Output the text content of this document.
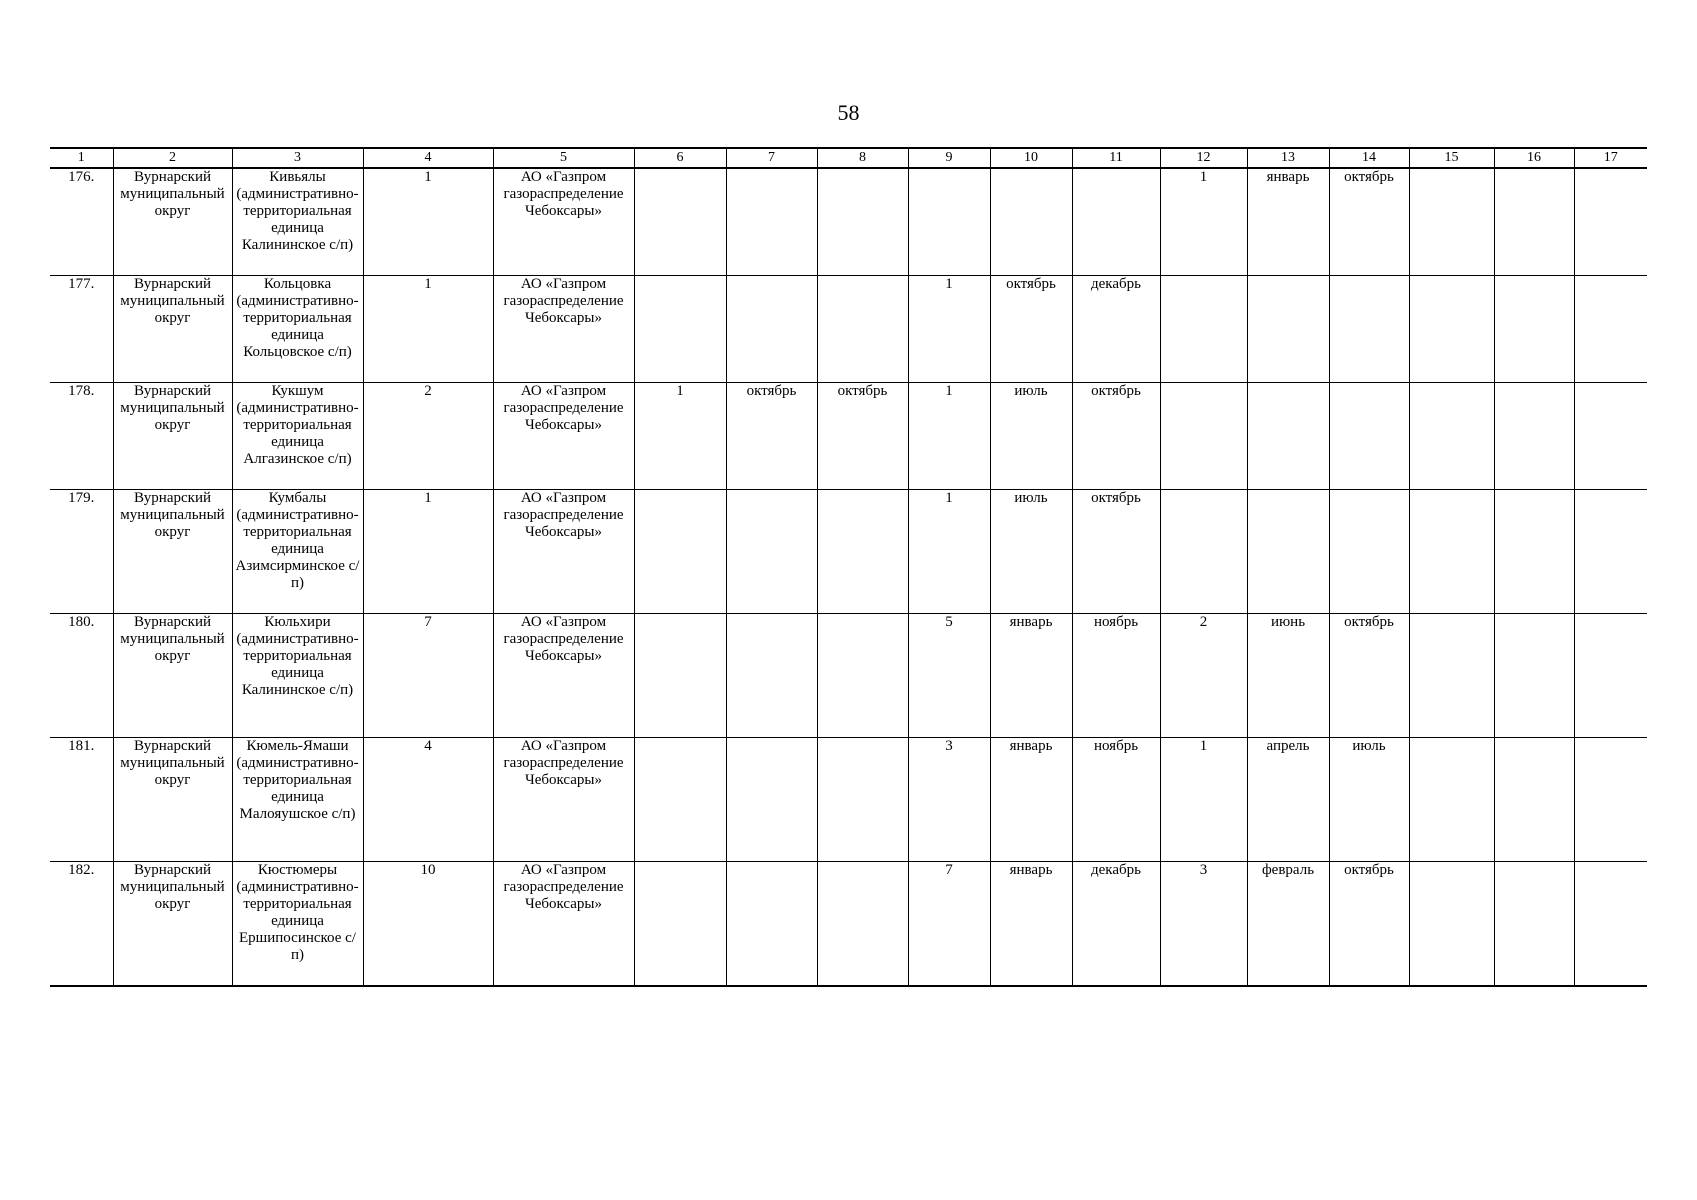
58
1	2	3	4	5	6	7	8	9	10	11	12	13	14	15	16	17
176.	Вурнарский муниципальный округ	Кивьялы (административно-территориальная единица Калининское с/п)	1	АО «Газпром газораспределение Чебоксары»							1	январь	октябрь			
177.	Вурнарский муниципальный округ	Кольцовка (административно-территориальная единица Кольцовское с/п)	1	АО «Газпром газораспределение Чебоксары»				1	октябрь	декабрь						
178.	Вурнарский муниципальный округ	Кукшум (административно-территориальная единица Алгазинское с/п)	2	АО «Газпром газораспределение Чебоксары»	1	октябрь	октябрь	1	июль	октябрь						
179.	Вурнарский муниципальный округ	Кумбалы (административно-территориальная единица Азимсирминское с/п)	1	АО «Газпром газораспределение Чебоксары»				1	июль	октябрь						
180.	Вурнарский муниципальный округ	Кюльхири (административно-территориальная единица Калининское с/п)	7	АО «Газпром газораспределение Чебоксары»				5	январь	ноябрь	2	июнь	октябрь			
181.	Вурнарский муниципальный округ	Кюмель-Ямаши (административно-территориальная единица Малояушское с/п)	4	АО «Газпром газораспределение Чебоксары»				3	январь	ноябрь	1	апрель	июль			
182.	Вурнарский муниципальный округ	Кюстюмеры (административно-территориальная единица Ершипосинское с/п)	10	АО «Газпром газораспределение Чебоксары»				7	январь	декабрь	3	февраль	октябрь			
